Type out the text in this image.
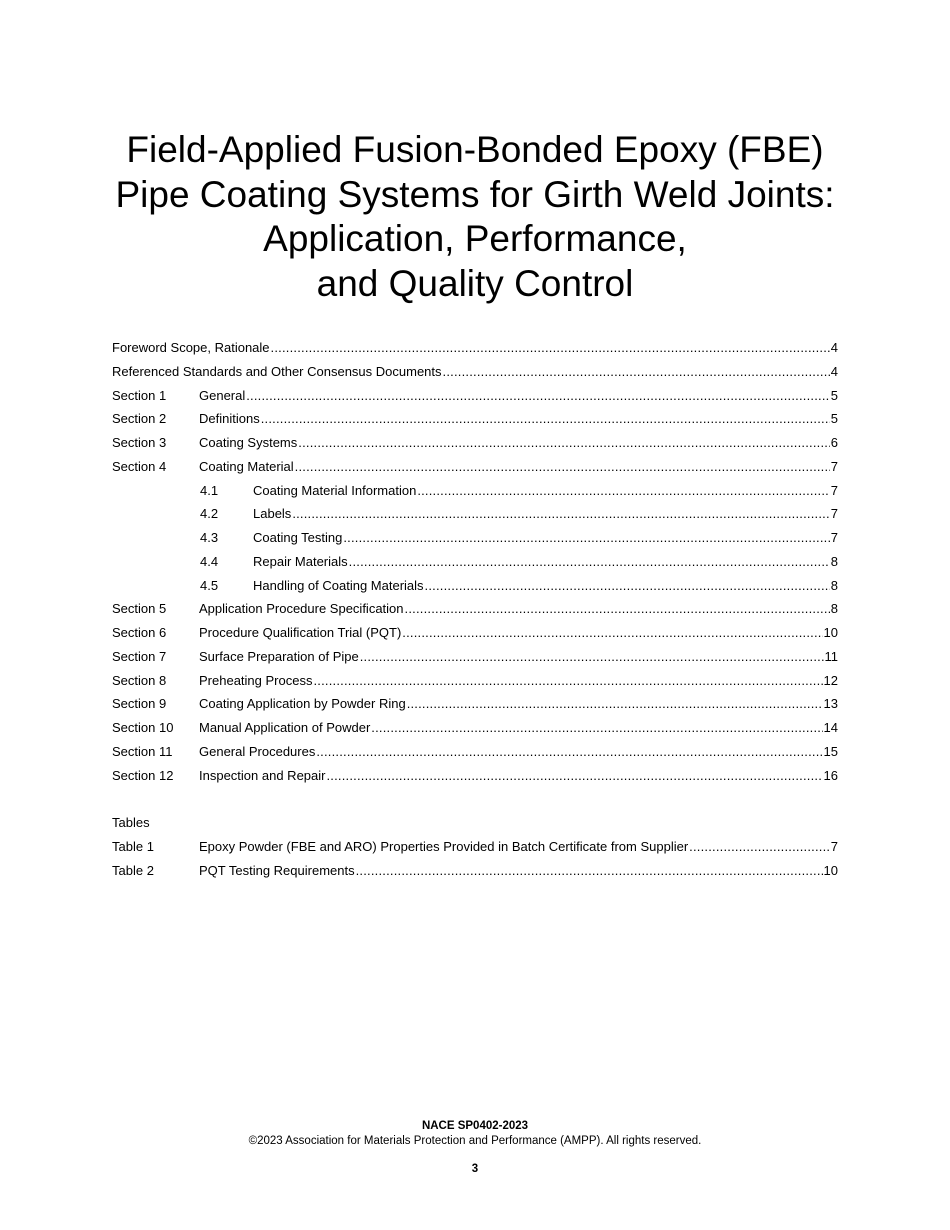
Field-Applied Fusion-Bonded Epoxy (FBE)
Pipe Coating Systems for Girth Weld Joints:
Application, Performance,
and Quality Control
Foreword Scope, Rationale .....	4
Referenced Standards and Other Consensus Documents .....	4
Section 1	General .....	5
Section 2	Definitions .....	5
Section 3	Coating Systems .....	6
Section 4	Coating Material .....	7
4.1	Coating Material Information .....	7
4.2	Labels .....	7
4.3	Coating Testing .....	7
4.4	Repair Materials .....	8
4.5	Handling of Coating Materials .....	8
Section 5	Application Procedure Specification .....	8
Section 6	Procedure Qualification Trial (PQT) .....	10
Section 7	Surface Preparation of Pipe .....	11
Section 8	Preheating Process .....	12
Section 9	Coating Application by Powder Ring .....	13
Section 10	Manual Application of Powder .....	14
Section 11	General Procedures .....	15
Section 12	Inspection and Repair .....	16
Tables
Table 1	Epoxy Powder (FBE and ARO) Properties Provided in Batch Certificate from Supplier .....	7
Table 2	PQT Testing Requirements .....	10
NACE SP0402-2023
©2023 Association for Materials Protection and Performance (AMPP). All rights reserved.
3
